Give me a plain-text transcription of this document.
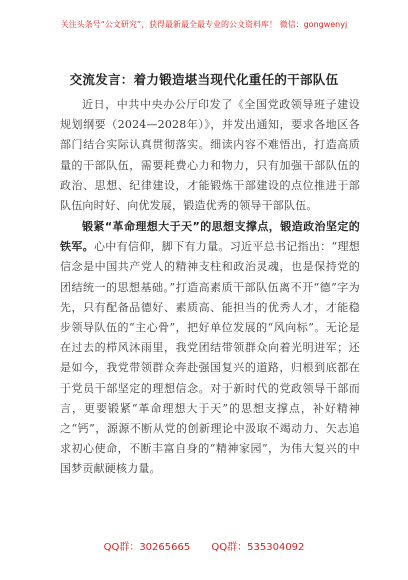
关注头条号“公文研究”，获得最新最全最专业的公文资料库！ 微信：gongwenyj
交流发言：着力锻造堪当现代化重任的干部队伍

近日，中共中央办公厅印发了《全国党政领导班子建设规划纲要（2024—2028年）》，并发出通知，要求各地区各部门结合实际认真贯彻落实。细读内容不难悟出，打造高质量的干部队伍，需要耗费心力和物力，只有加强干部队伍的政治、思想、纪律建设，才能锻炼干部建设的点位推进于部队伍向时好、向优发展，锻造优秀的领导干部队伍。

锻紧“革命理想大于天”的思想支撑点，锻造政治坚定的铁军。心中有信仰，脚下有力量。习近平总书记指出：“理想信念是中国共产党人的精神支柱和政治灵魂，也是保持党的团结统一的思想基础。”打造高素质干部队伍离不开“德”字为先，只有配备品德好、素质高、能担当的优秀人才，才能稳步领导队伍的“主心骨”，把好单位发展的“风向标”。无论是在过去的栉风沐雨里，我党团结带领群众向着光明进军；还是如今，我党带领群众奔赴强国复兴的道路，归根到底都在于党员干部坚定的理想信念。对于新时代的党政领导干部而言，更要锻紧“革命理想大于天”的思想支撑点，补好精神之“钙”，源源不断从党的创新理论中汲取不竭动力、矢志追求初心使命，不断丰富自身的“精神家园”，为伟大复兴的中国梦贡献硬核力量。

QQ群：30265665 QQ群：535304092
